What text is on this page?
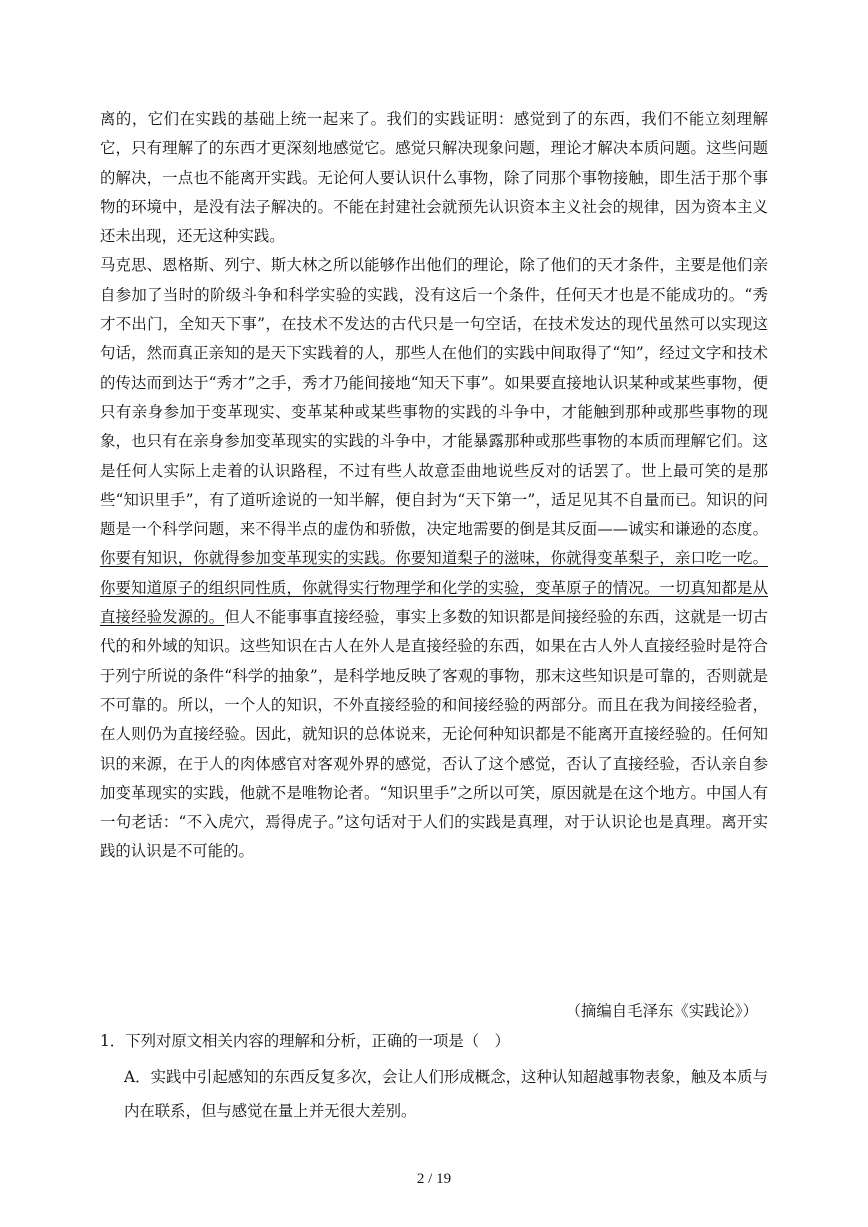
离的，它们在实践的基础上统一起来了。我们的实践证明：感觉到了的东西，我们不能立刻理解它，只有理解了的东西才更深刻地感觉它。感觉只解决现象问题，理论才解决本质问题。这些问题的解决，一点也不能离开实践。无论何人要认识什么事物，除了同那个事物接触，即生活于那个事物的环境中，是没有法子解决的。不能在封建社会就预先认识资本主义社会的规律，因为资本主义还未出现，还无这种实践。

马克思、恩格斯、列宁、斯大林之所以能够作出他们的理论，除了他们的天才条件，主要是他们亲自参加了当时的阶级斗争和科学实验的实践，没有这后一个条件，任何天才也是不能成功的。“秀才不出门，全知天下事”，在技术不发达的古代只是一句空话，在技术发达的现代虽然可以实现这句话，然而真正亲知的是天下实践着的人，那些人在他们的实践中间取得了“知”，经过文字和技术的传达而到达于“秀才”之手，秀才乃能间接地“知天下事”。如果要直接地认识某种或某些事物，便只有亲身参加于变革现实、变革某种或某些事物的实践的斗争中，才能触到那种或那些事物的现象，也只有在亲身参加变革现实的实践的斗争中，才能暴露那种或那些事物的本质而理解它们。这是任何人实际上走着的认识路程，不过有些人故意歪曲地说些反对的话罢了。世上最可笑的是那些“知识里手”，有了道听途说的一知半解，便自封为“天下第一”，适足见其不自量而已。知识的问题是一个科学问题，来不得半点的虚伪和骄傲，决定地需要的倒是其反面——诚实和谦逊的态度。你要有知识，你就得参加变革现实的实践。你要知道梨子的滋味，你就得变革梨子，亲口吃一吃。你要知道原子的组织同性质，你就得实行物理学和化学的实验，变革原子的情况。一切真知都是从直接经验发源的。但人不能事事直接经验，事实上多数的知识都是间接经验的东西，这就是一切古代的和外域的知识。这些知识在古人在外人是直接经验的东西，如果在古人外人直接经验时是符合于列宁所说的条件“科学的抽象”，是科学地反映了客观的事物，那末这些知识是可靠的，否则就是不可靠的。所以，一个人的知识，不外直接经验的和间接经验的两部分。而且在我为间接经验者，在人则仍为直接经验。因此，就知识的总体说来，无论何种知识都是不能离开直接经验的。任何知识的来源，在于人的肉体感官对客观外界的感觉，否认了这个感觉，否认了直接经验，否认亲自参加变革现实的实践，他就不是唯物论者。“知识里手”之所以可笑，原因就是在这个地方。中国人有一句老话：“不入虎穴，焉得虎子。”这句话对于人们的实践是真理，对于认识论也是真理。离开实践的认识是不可能的。

（摘编自毛泽东《实践论》）

1．下列对原文相关内容的理解和分析，正确的一项是（　）

A．实践中引起感知的东西反复多次，会让人们形成概念，这种认知超越事物表象，触及本质与内在联系，但与感觉在量上并无很大差别。

2 / 19
